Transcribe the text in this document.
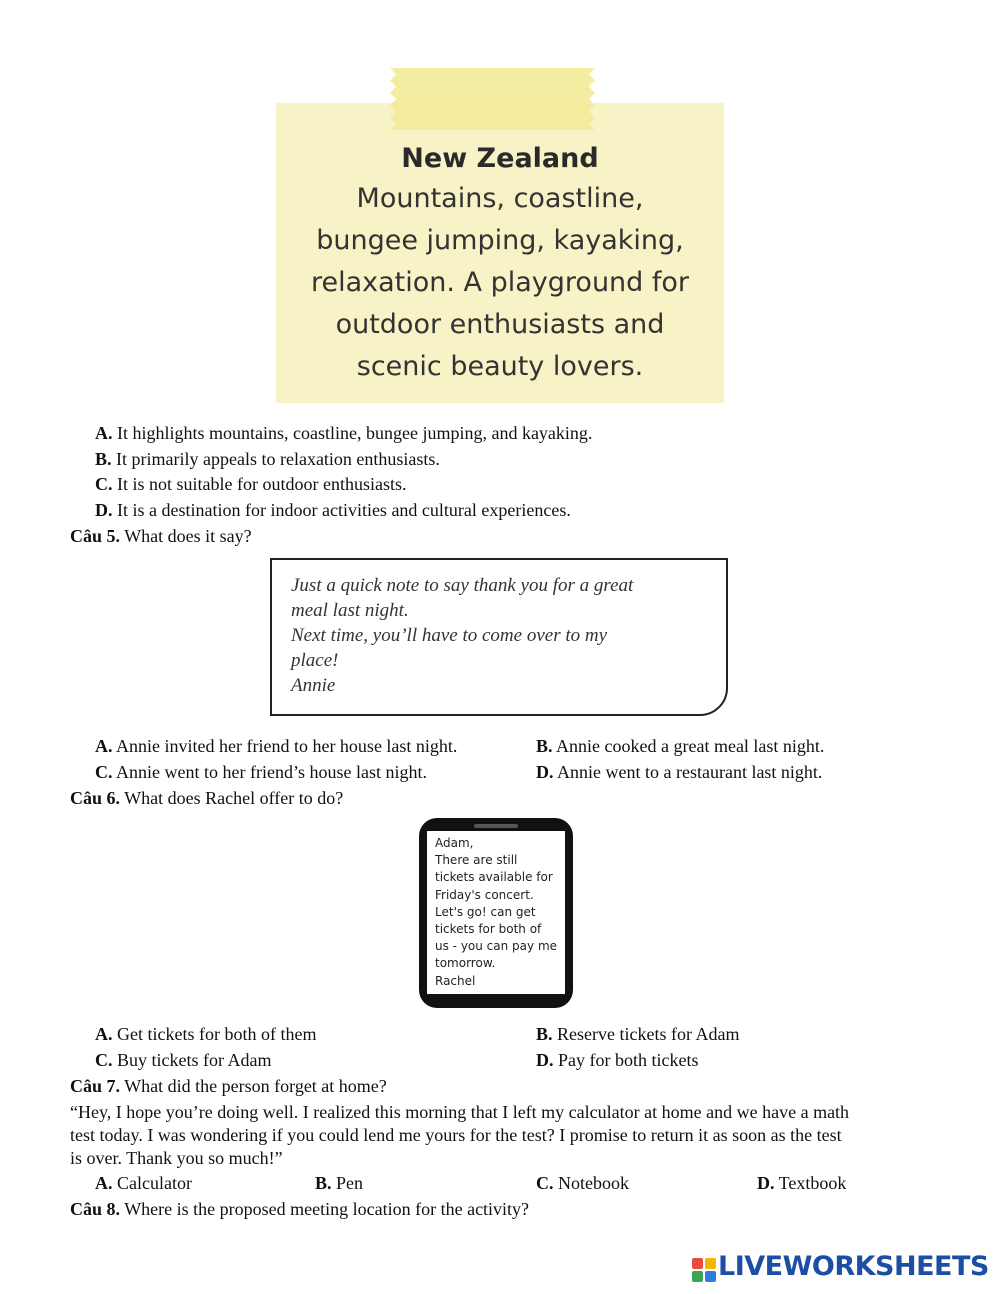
New Zealand
Mountains, coastline,
bungee jumping, kayaking,
relaxation. A playground for
outdoor enthusiasts and
scenic beauty lovers.
A. It highlights mountains, coastline, bungee jumping, and kayaking.
B. It primarily appeals to relaxation enthusiasts.
C. It is not suitable for outdoor enthusiasts.
D. It is a destination for indoor activities and cultural experiences.
Câu 5. What does it say?
Just a quick note to say thank you for a great
meal last night.
Next time, you’ll have to come over to my
place!
Annie
A. Annie invited her friend to her house last night.	B. Annie cooked a great meal last night.
C. Annie went to her friend’s house last night.	D. Annie went to a restaurant last night.
Câu 6. What does Rachel offer to do?
Adam,
There are still
tickets available for
Friday's concert.
Let's go! can get
tickets for both of
us - you can pay me
tomorrow.
Rachel
A. Get tickets for both of them	B. Reserve tickets for Adam
C. Buy tickets for Adam	D. Pay for both tickets
Câu 7. What did the person forget at home?
“Hey, I hope you’re doing well. I realized this morning that I left my calculator at home and we have a math
test today. I was wondering if you could lend me yours for the test? I promise to return it as soon as the test
is over. Thank you so much!”
A. Calculator	B. Pen	C. Notebook	D. Textbook
Câu 8. Where is the proposed meeting location for the activity?
LIVEWORKSHEETS
